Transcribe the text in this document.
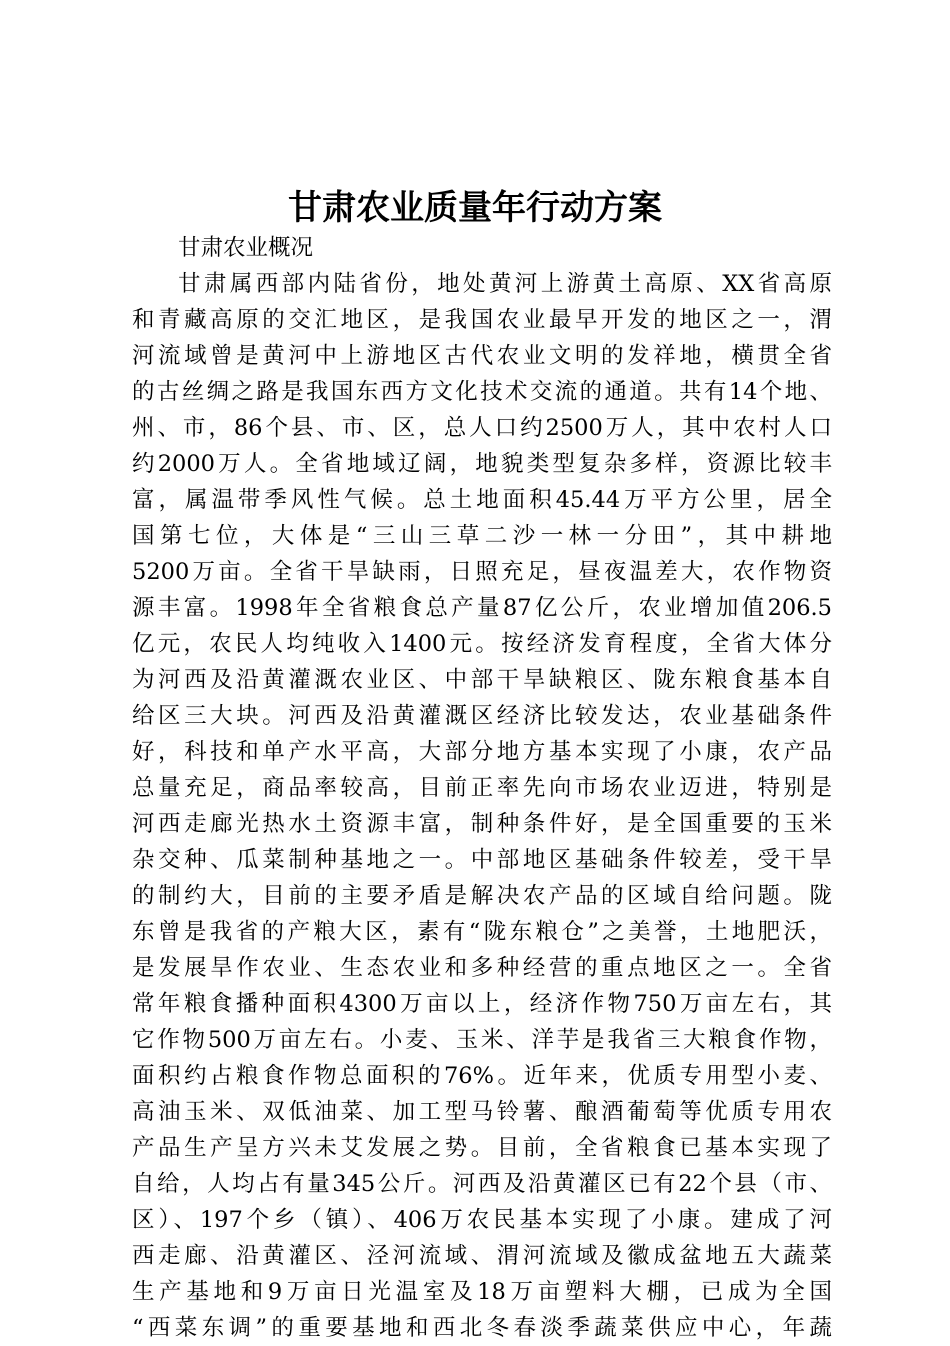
甘肃农业质量年行动方案
甘肃农业概况
甘肃属西部内陆省份，地处黄河上游黄土高原、XX省高原
和青藏高原的交汇地区，是我国农业最早开发的地区之一，渭
河流域曾是黄河中上游地区古代农业文明的发祥地，横贯全省
的古丝绸之路是我国东西方文化技术交流的通道。共有14个地、
州、市，86个县、市、区，总人口约2500万人，其中农村人口
约2000万人。全省地域辽阔，地貌类型复杂多样，资源比较丰
富，属温带季风性气候。总土地面积45.44万平方公里，居全
国第七位，大体是“三山三草二沙一林一分田”，其中耕地
5200万亩。全省干旱缺雨，日照充足，昼夜温差大，农作物资
源丰富。1998年全省粮食总产量87亿公斤，农业增加值206.5
亿元，农民人均纯收入1400元。按经济发育程度，全省大体分
为河西及沿黄灌溉农业区、中部干旱缺粮区、陇东粮食基本自
给区三大块。河西及沿黄灌溉区经济比较发达，农业基础条件
好，科技和单产水平高，大部分地方基本实现了小康，农产品
总量充足，商品率较高，目前正率先向市场农业迈进，特别是
河西走廊光热水土资源丰富，制种条件好，是全国重要的玉米
杂交种、瓜菜制种基地之一。中部地区基础条件较差，受干旱
的制约大，目前的主要矛盾是解决农产品的区域自给问题。陇
东曾是我省的产粮大区，素有“陇东粮仓”之美誉，土地肥沃，
是发展旱作农业、生态农业和多种经营的重点地区之一。全省
常年粮食播种面积4300万亩以上，经济作物750万亩左右，其
它作物500万亩左右。小麦、玉米、洋芋是我省三大粮食作物，
面积约占粮食作物总面积的76%。近年来，优质专用型小麦、
高油玉米、双低油菜、加工型马铃薯、酿酒葡萄等优质专用农
产品生产呈方兴未艾发展之势。目前，全省粮食已基本实现了
自给，人均占有量345公斤。河西及沿黄灌区已有22个县（市、
区）、197个乡（镇）、406万农民基本实现了小康。建成了河
西走廊、沿黄灌区、泾河流域、渭河流域及徽成盆地五大蔬菜
生产基地和9万亩日光温室及18万亩塑料大棚，已成为全国
“西菜东调”的重要基地和西北冬春淡季蔬菜供应中心，年蔬
